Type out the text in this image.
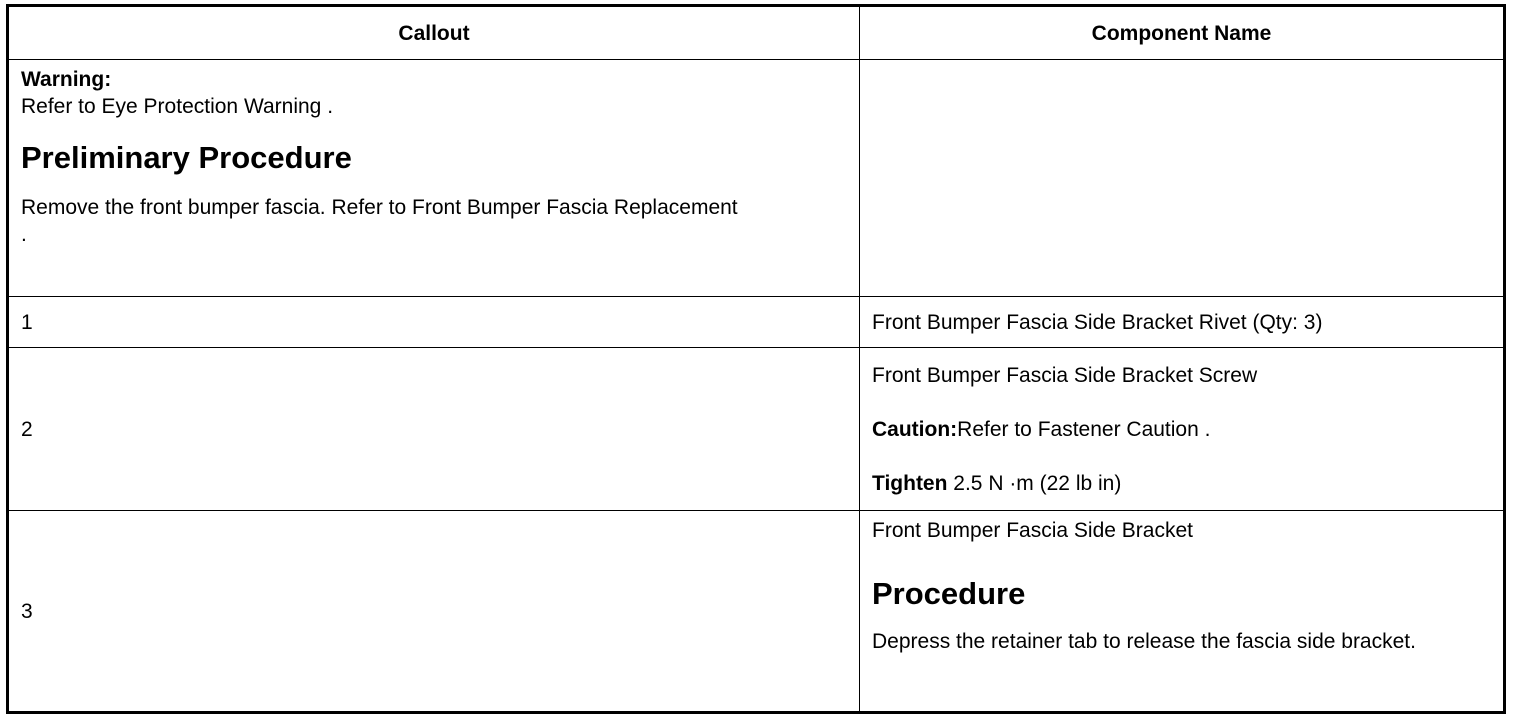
Callout	Component Name

Warning:
Refer to Eye Protection Warning .
Preliminary Procedure
Remove the front bumper fascia. Refer to Front Bumper Fascia Replacement .	

1	Front Bumper Fascia Side Bracket Rivet (Qty: 3)
2	Front Bumper Fascia Side Bracket Screw
Caution:Refer to Fastener Caution .
Tighten 2.5 N ·m (22 lb in)

3	Front Bumper Fascia Side Bracket
Procedure
Depress the retainer tab to release the fascia side bracket.
